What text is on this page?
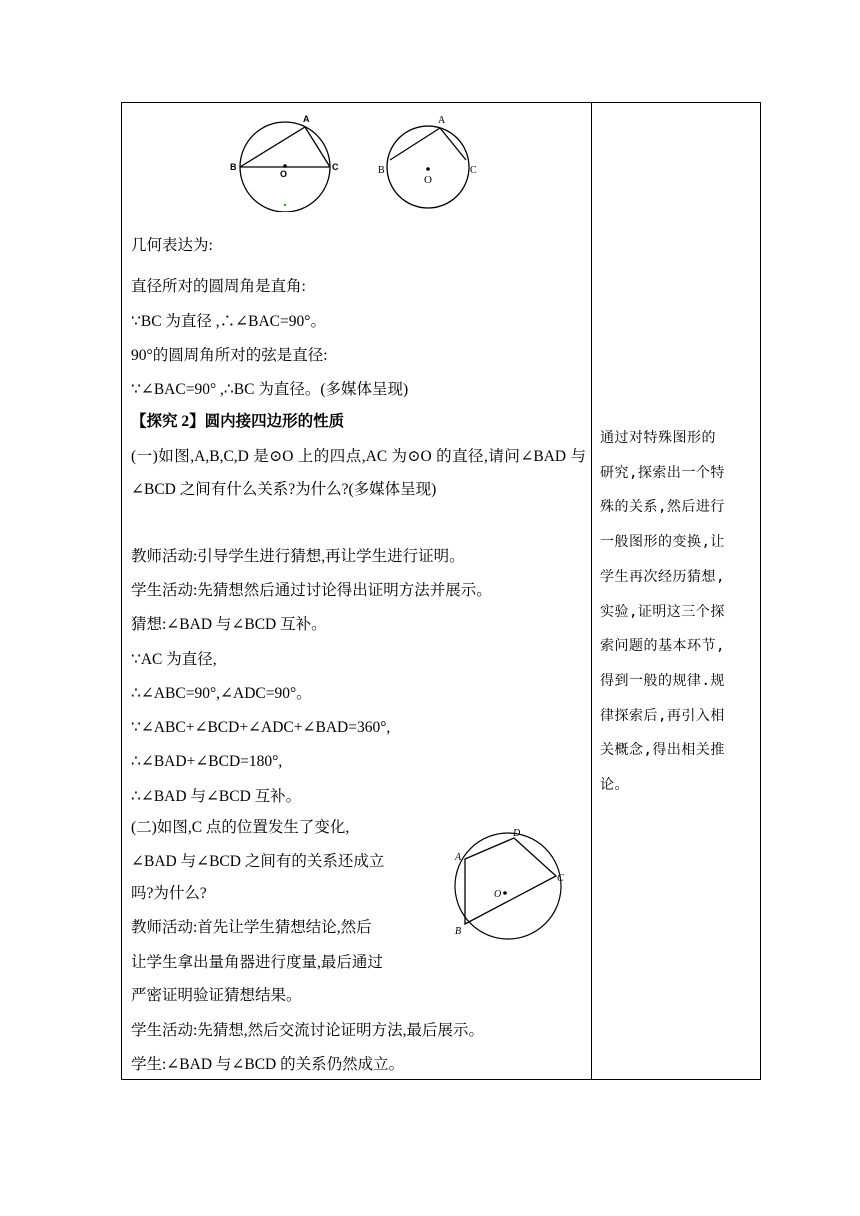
A
B	C
O
A
B	C
O
几何表达为:
直径所对的圆周角是直角:
∵BC 为直径 ,∴∠BAC=90°。
90°的圆周角所对的弦是直径:
∵∠BAC=90° ,∴BC 为直径。(多媒体呈现)
【探究 2】圆内接四边形的性质
(一)如图,A,B,C,D 是⊙O 上的四点,AC 为⊙O 的直径,请问∠BAD 与∠BCD 之间有什么关系?为什么?(多媒体呈现)
教师活动:引导学生进行猜想,再让学生进行证明。
学生活动:先猜想然后通过讨论得出证明方法并展示。
猜想:∠BAD 与∠BCD 互补。
∵AC 为直径,
∴∠ABC=90°,∠ADC=90°。
∵∠ABC+∠BCD+∠ADC+∠BAD=360°,
∴∠BAD+∠BCD=180°,
∴∠BAD 与∠BCD 互补。
(二)如图,C 点的位置发生了变化,
∠BAD 与∠BCD 之间有的关系还成立
吗?为什么?
教师活动:首先让学生猜想结论,然后
让学生拿出量角器进行度量,最后通过
严密证明验证猜想结果。
学生活动:先猜想,然后交流讨论证明方法,最后展示。
学生:∠BAD 与∠BCD 的关系仍然成立。
A
B
C
D
O
通过对特殊图形的
研究,探索出一个特
殊的关系,然后进行
一般图形的变换,让
学生再次经历猜想,
实验,证明这三个探
索问题的基本环节,
得到一般的规律.规
律探索后,再引入相
关概念,得出相关推
论。
